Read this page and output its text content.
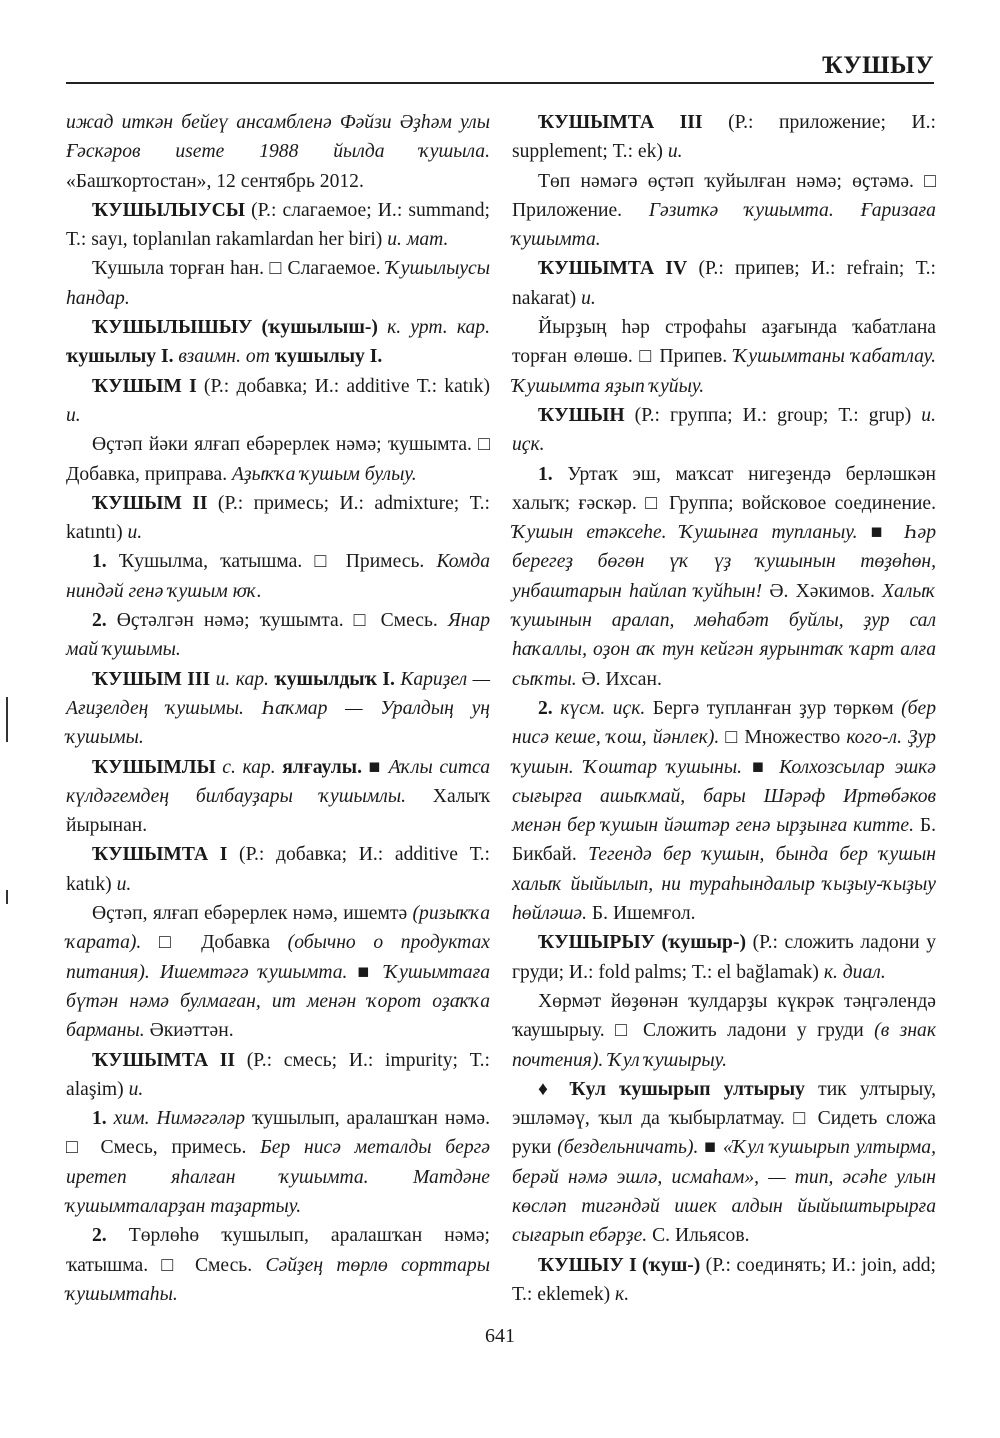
ҠУШЫУ

ижад иткән бейеү ансамбленә Фәйзи Әҙһәм улы Ғәскәров иseme 1988 йылда ҡушыла. «Башҡортостан», 12 сентябрь 2012.

ҠУШЫЛЫУСЫ (Р.: слагаемое; И.: summand; Т.: sayı, toplanılan rakamlardan her biri) и. мат.

Ҡушыла торған һан. □ Слагаемое. Ҡушылыусы һандар.

ҠУШЫЛЫШЫУ (ҡушылыш-) к. урт. кар. ҡушылыу I. взаимн. от ҡушылыу I.

ҠУШЫМ I (Р.: добавка; И.: additive Т.: katık) и.

Өҫтәп йәки ялғап ебәрерлек нәмә; ҡушымта. □ Добавка, приправа. Аҙыҡҡа ҡушым булыу.

ҠУШЫМ II (Р.: примесь; И.: admixture; Т.: katıntı) и.

1. Ҡушылма, ҡатышма. □ Примесь. Комда ниндәй генә ҡушым юҡ.

2. Өҫтәлгән нәмә; ҡушымта. □ Смесь. Янар май ҡушымы.

ҠУШЫМ III и. кар. ҡушылдыҡ I. Кариҙел — Ағиҙелдең ҡушымы. Һаҡмар — Уралдың уң ҡушымы.

ҠУШЫМЛЫ с. кар. ялғаулы. ■ Аҡлы ситса күлдәгемдең билбауҙары ҡушымлы. Халыҡ йырынан.

ҠУШЫМТА I (Р.: добавка; И.: additive Т.: katık) и.

Өҫтәп, ялғап ебәрерлек нәмә, ишемтә (ризыҡҡа ҡарата). □ Добавка (обычно о продуктах питания). Ишемтәгә ҡушымта. ■ Ҡушымтаға бүтән нәмә булмаған, ит менән ҡорот оҙаҡҡа барманы. Әкиәттән.

ҠУШЫМТА II (Р.: смесь; И.: impurity; Т.: alaşim) и.

1. хим. Нимәгәләр ҡушылып, аралашҡан нәмә. □ Смесь, примесь. Бер нисә металды бергә иретеп яһалған ҡушымта. Матдәне ҡушымталарҙан таҙартыу.

2. Төрлөһө ҡушылып, аралашҡан нәмә; ҡатышма. □ Смесь. Сәйҙең төрлө сорттары ҡушымтаһы.

ҠУШЫМТА III (Р.: приложение; И.: supplement; Т.: ek) и.

Төп нәмәгә өҫтәп ҡуйылған нәмә; өҫтәмә. □ Приложение. Гәзиткә ҡушымта. Ғаризаға ҡушымта.

ҠУШЫМТА IV (Р.: припев; И.: refrain; Т.: nakarat) и.

Йырҙың һәр строфаһы аҙағында ҡабатлана торған өлөшө. □ Припев. Ҡушымтаны ҡабатлау. Ҡушымта яҙып ҡуйыу.

ҠУШЫН (Р.: группа; И.: group; Т.: grup) и. иҫк.

1. Уртаҡ эш, маҡсат нигеҙендә берләшкән халыҡ; ғәскәр. □ Группа; войсковое соединение. Ҡушын етәксеһе. Ҡушынға тупланыу. ■ Һәр берегеҙ бөгөн үҡ үҙ ҡушынын төҙөһөн, унбаштарын һайлап ҡуйһын! Ә. Хәкимов. Халыҡ ҡушынын аралап, мөһабәт буйлы, ҙур сал һаҡаллы, оҙон аҡ тун кейгән яурынтаҡ ҡарт алға сыҡты. Ә. Ихсан.

2. күсм. иҫк. Бергә тупланған ҙур төркөм (бер нисә кеше, ҡош, йәнлек). □ Множество кого-л. Ҙур ҡушын. Ҡоштар ҡушыны. ■ Колхозсылар эшкә сығырға ашыҡмай, бары Шәрәф Иртөбәков менән бер ҡушын йәштәр генә ырҙынға китте. Б. Бикбай. Тегендә бер ҡушын, бында бер ҡушын халыҡ йыйылып, ни тураһындалыр ҡыҙыу-ҡыҙыу һөйләшә. Б. Ишемғол.

ҠУШЫРЫУ (ҡушыр-) (Р.: сложить ладони у груди; И.: fold palms; Т.: el bağlamak) к. диал.

Хөрмәт йөҙөнән ҡулдарҙы күкрәк тәңгәлендә ҡаушырыу. □ Сложить ладони у груди (в знак почтения). Ҡул ҡушырыу.

♦ Ҡул ҡушырып ултырыу тик ултырыу, эшләмәү, ҡыл да ҡыбырлатмау. □ Сидеть сложа руки (бездельничать). ■ «Ҡул ҡушырып ултырма, берәй нәмә эшлә, исмаһам», — тип, әсәһе улын көсләп тигәндәй ишек алдын йыйыштырырға сығарып ебәрҙе. С. Ильясов.

ҠУШЫУ I (ҡуш-) (Р.: соединять; И.: join, add; Т.: eklemek) к.

641
